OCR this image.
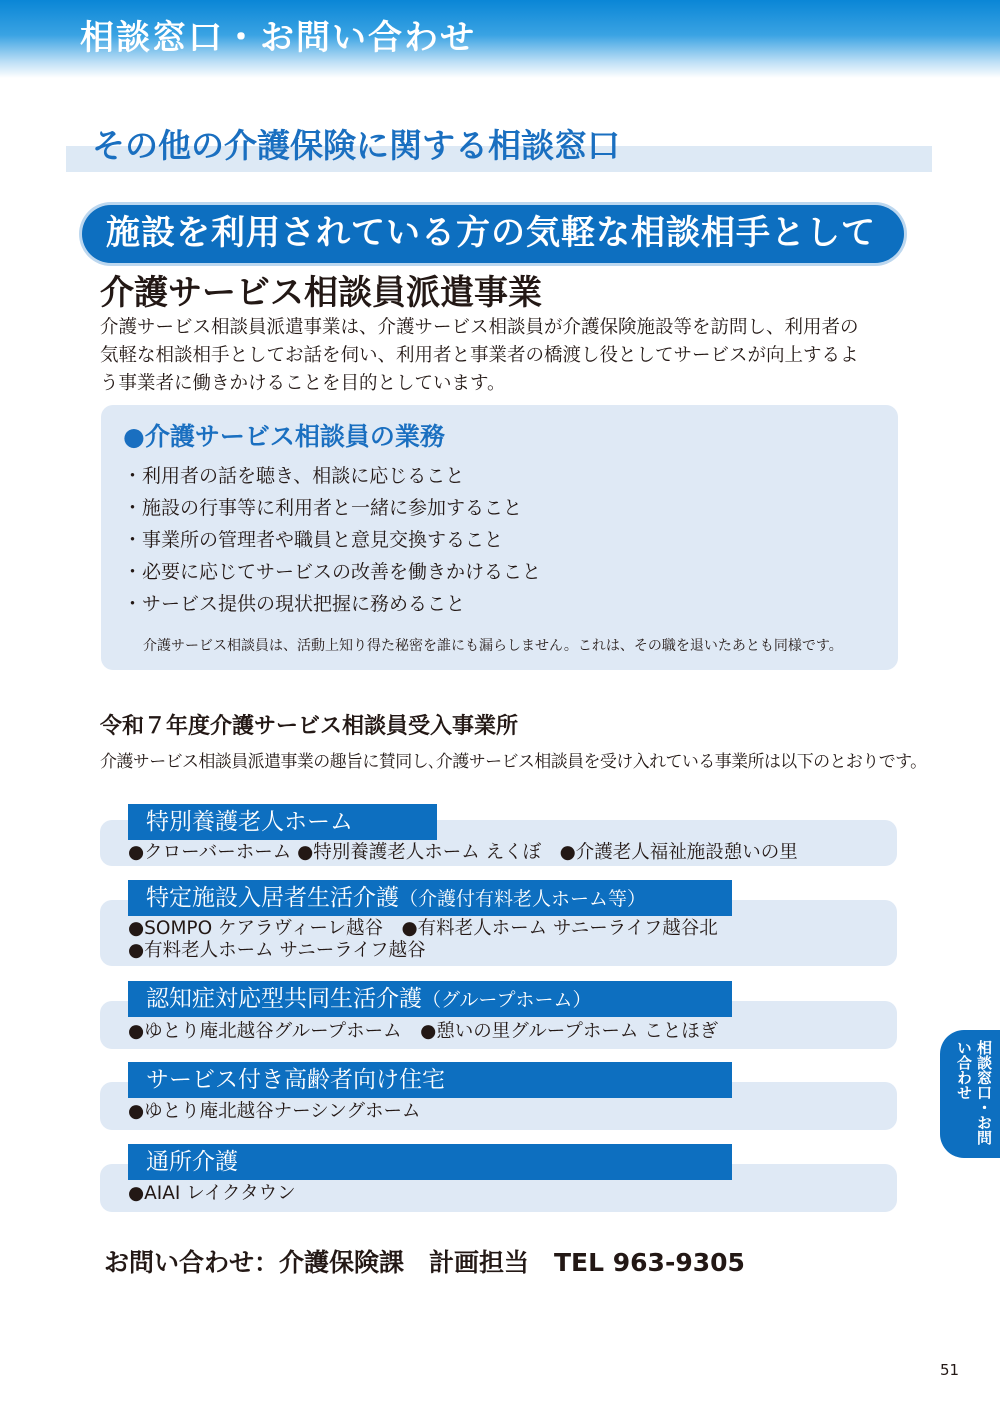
相談窓口・お問い合わせ
その他の介護保険に関する相談窓口
施設を利用されている方の気軽な相談相手として
介護サービス相談員派遣事業
介護サービス相談員派遣事業は、介護サービス相談員が介護保険施設等を訪問し、利用者の
気軽な相談相手としてお話を伺い、利用者と事業者の橋渡し役としてサービスが向上するよ
う事業者に働きかけることを目的としています。
●介護サービス相談員の業務
・利用者の話を聴き、相談に応じること
・施設の行事等に利用者と一緒に参加すること
・事業所の管理者や職員と意見交換すること
・必要に応じてサービスの改善を働きかけること
・サービス提供の現状把握に務めること
介護サービス相談員は、活動上知り得た秘密を誰にも漏らしません。これは、その職を退いたあとも同様です。
令和７年度介護サービス相談員受入事業所
介護サービス相談員派遣事業の趣旨に賛同し､介護サービス相談員を受け入れている事業所は以下のとおりです。
特別養護老人ホーム
●クローバーホーム ●特別養護老人ホーム えくぼ　●介護老人福祉施設憩いの里
特定施設入居者生活介護（介護付有料老人ホーム等）
●SOMPO ケアラヴィーレ越谷　●有料老人ホーム サニーライフ越谷北
●有料老人ホーム サニーライフ越谷
認知症対応型共同生活介護（グループホーム）
●ゆとり庵北越谷グループホーム　●憩いの里グループホーム ことほぎ
サービス付き高齢者向け住宅
●ゆとり庵北越谷ナーシングホーム
通所介護
●AIAI レイクタウン
お問い合わせ：介護保険課　計画担当　TEL 963-9305
相談窓口・お問い合わせ
51
